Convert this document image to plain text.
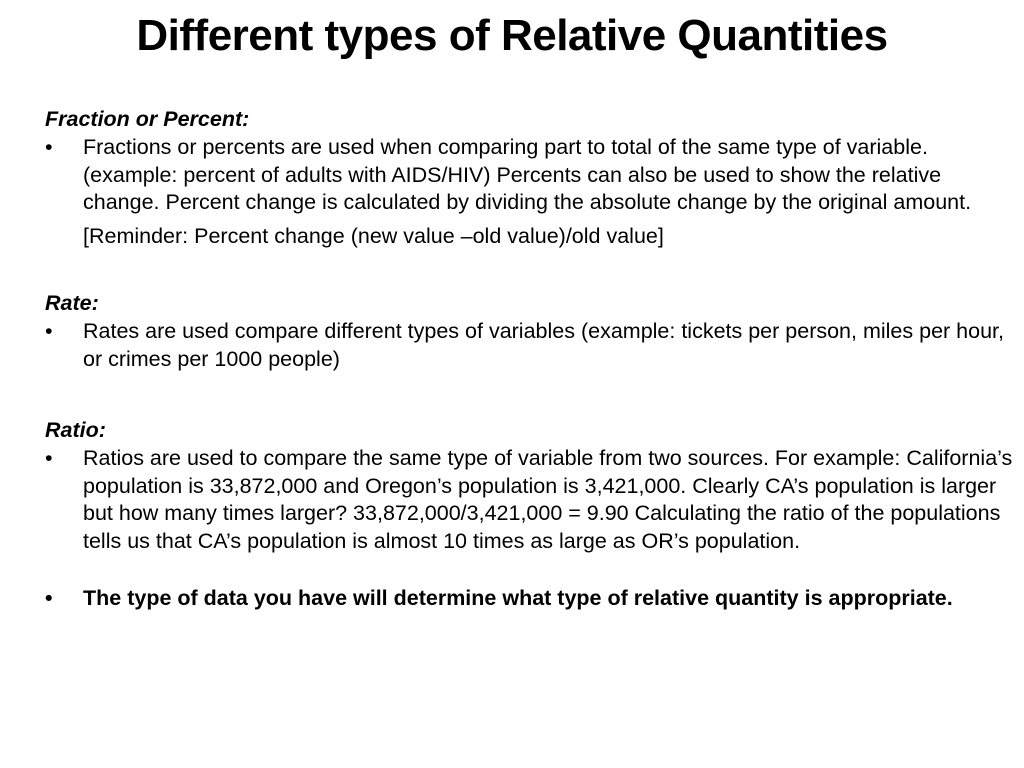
Different types of Relative Quantities

Fraction or Percent:

•	Fractions or percents are used when comparing part to total of the same type of variable. (example: percent of adults with AIDS/HIV) Percents can also be used to show the relative change. Percent change is calculated by dividing the absolute change by the original amount.
[Reminder: Percent change (new value –old value)/old value]

Rate:

•	Rates are used compare different types of variables (example: tickets per person, miles per hour, or crimes per 1000 people)

Ratio:

•	Ratios are used to compare the same type of variable from two sources. For example: California’s population is 33,872,000 and Oregon’s population is 3,421,000. Clearly CA’s population is larger but how many times larger? 33,872,000/3,421,000 = 9.90 Calculating the ratio of the populations tells us that CA’s population is almost 10 times as large as OR’s population.
•	The type of data you have will determine what type of relative quantity is appropriate.
